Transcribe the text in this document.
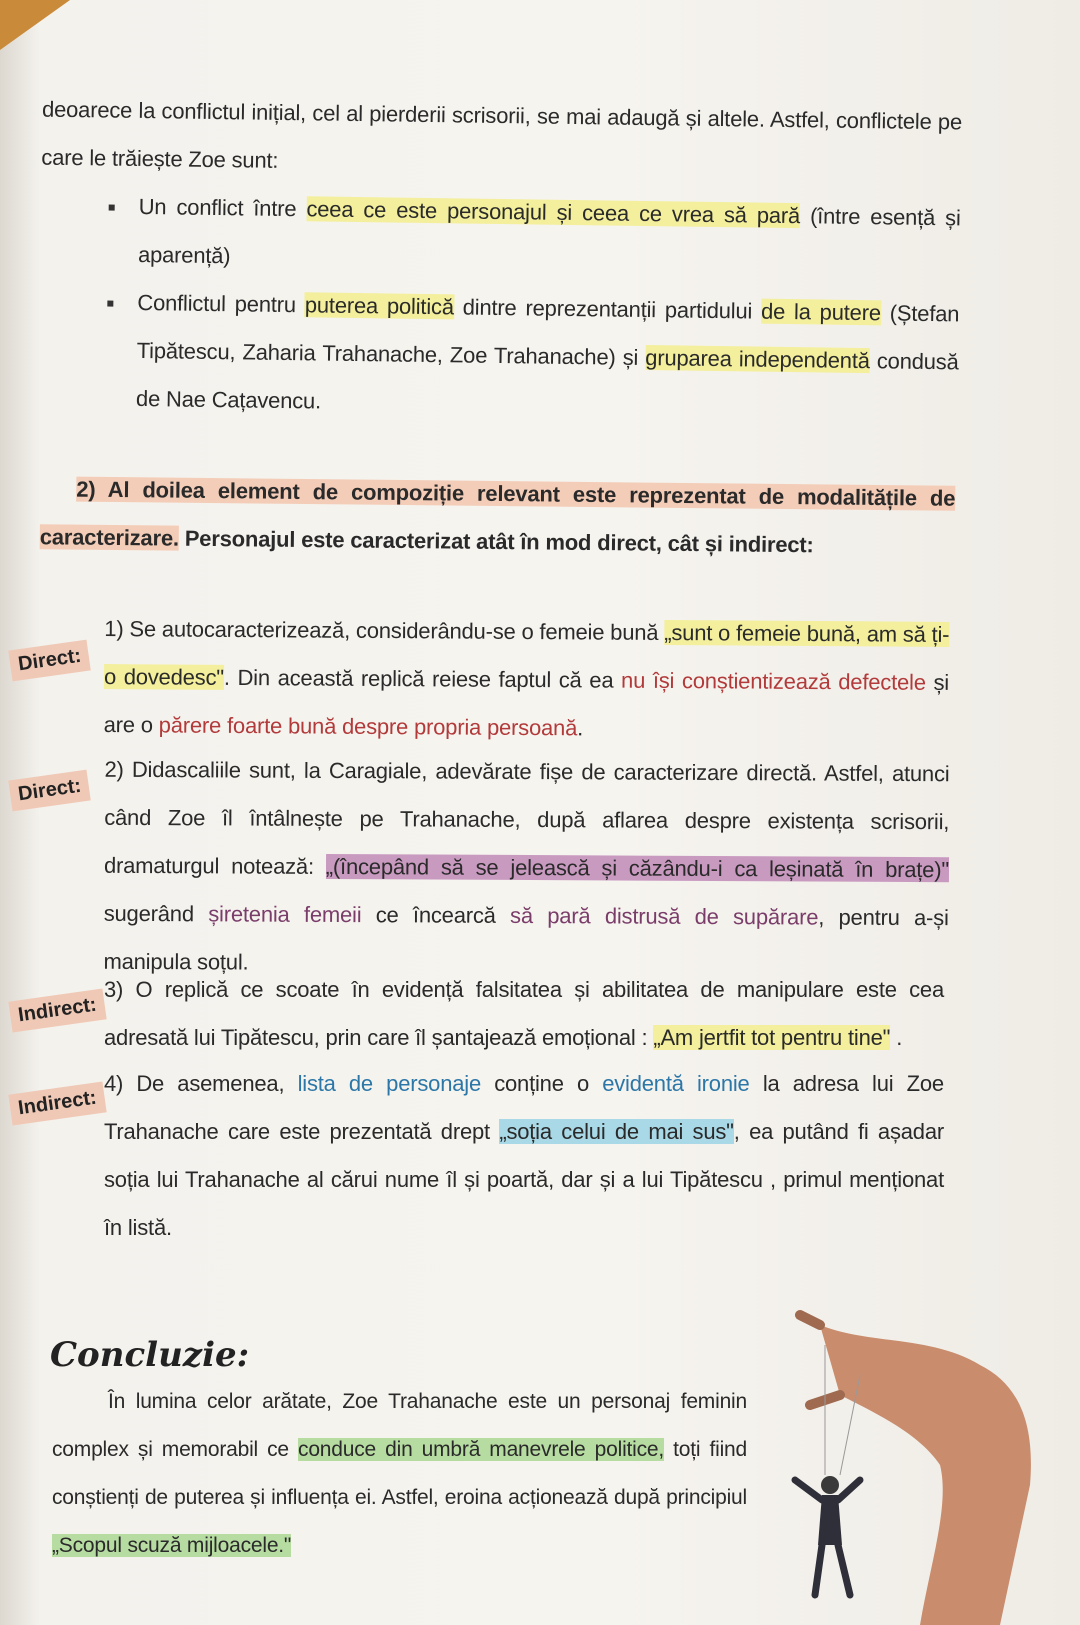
deoarece la conflictul inițial, cel al pierderii scrisorii, se mai adaugă și altele. Astfel, conflictele pe care le trăiește Zoe sunt:

Un conflict între ceea ce este personajul și ceea ce vrea să pară (între esență și aparență)

Conflictul pentru puterea politică dintre reprezentanții partidului de la putere (Ștefan Tipătescu, Zaharia Trahanache, Zoe Trahanache) și gruparea independentă condusă de Nae Cațavencu.

2) Al doilea element de compoziție relevant este reprezentat de modalitățile de caracterizare. Personajul este caracterizat atât în mod direct, cât și indirect:

Direct:

1) Se autocaracterizează, considerându-se o femeie bună „sunt o femeie bună, am să ți-o dovedesc". Din această replică reiese faptul că ea nu își conștientizează defectele și are o părere foarte bună despre propria persoană.

Direct:

2) Didascaliile sunt, la Caragiale, adevărate fișe de caracterizare directă. Astfel, atunci când Zoe îl întâlnește pe Trahanache, după aflarea despre existența scrisorii, dramaturgul notează: „(începând să se jelească și căzându-i ca leșinată în brațe)" sugerând șiretenia femeii ce încearcă să pară distrusă de supărare, pentru a-și manipula soțul.

Indirect:

3) O replică ce scoate în evidență falsitatea și abilitatea de manipulare este cea adresată lui Tipătescu, prin care îl șantajează emoțional : „Am jertfit tot pentru tine" .

Indirect:

4) De asemenea, lista de personaje conține o evidentă ironie la adresa lui Zoe Trahanache care este prezentată drept „soția celui de mai sus", ea putând fi așadar soția lui Trahanache al cărui nume îl și poartă, dar și a lui Tipătescu , primul menționat în listă.

Concluzie:

În lumina celor arătate, Zoe Trahanache este un personaj feminin complex și memorabil ce conduce din umbră manevrele politice, toți fiind conștienți de puterea și influența ei. Astfel, eroina acționează după principiul „Scopul scuză mijloacele."
